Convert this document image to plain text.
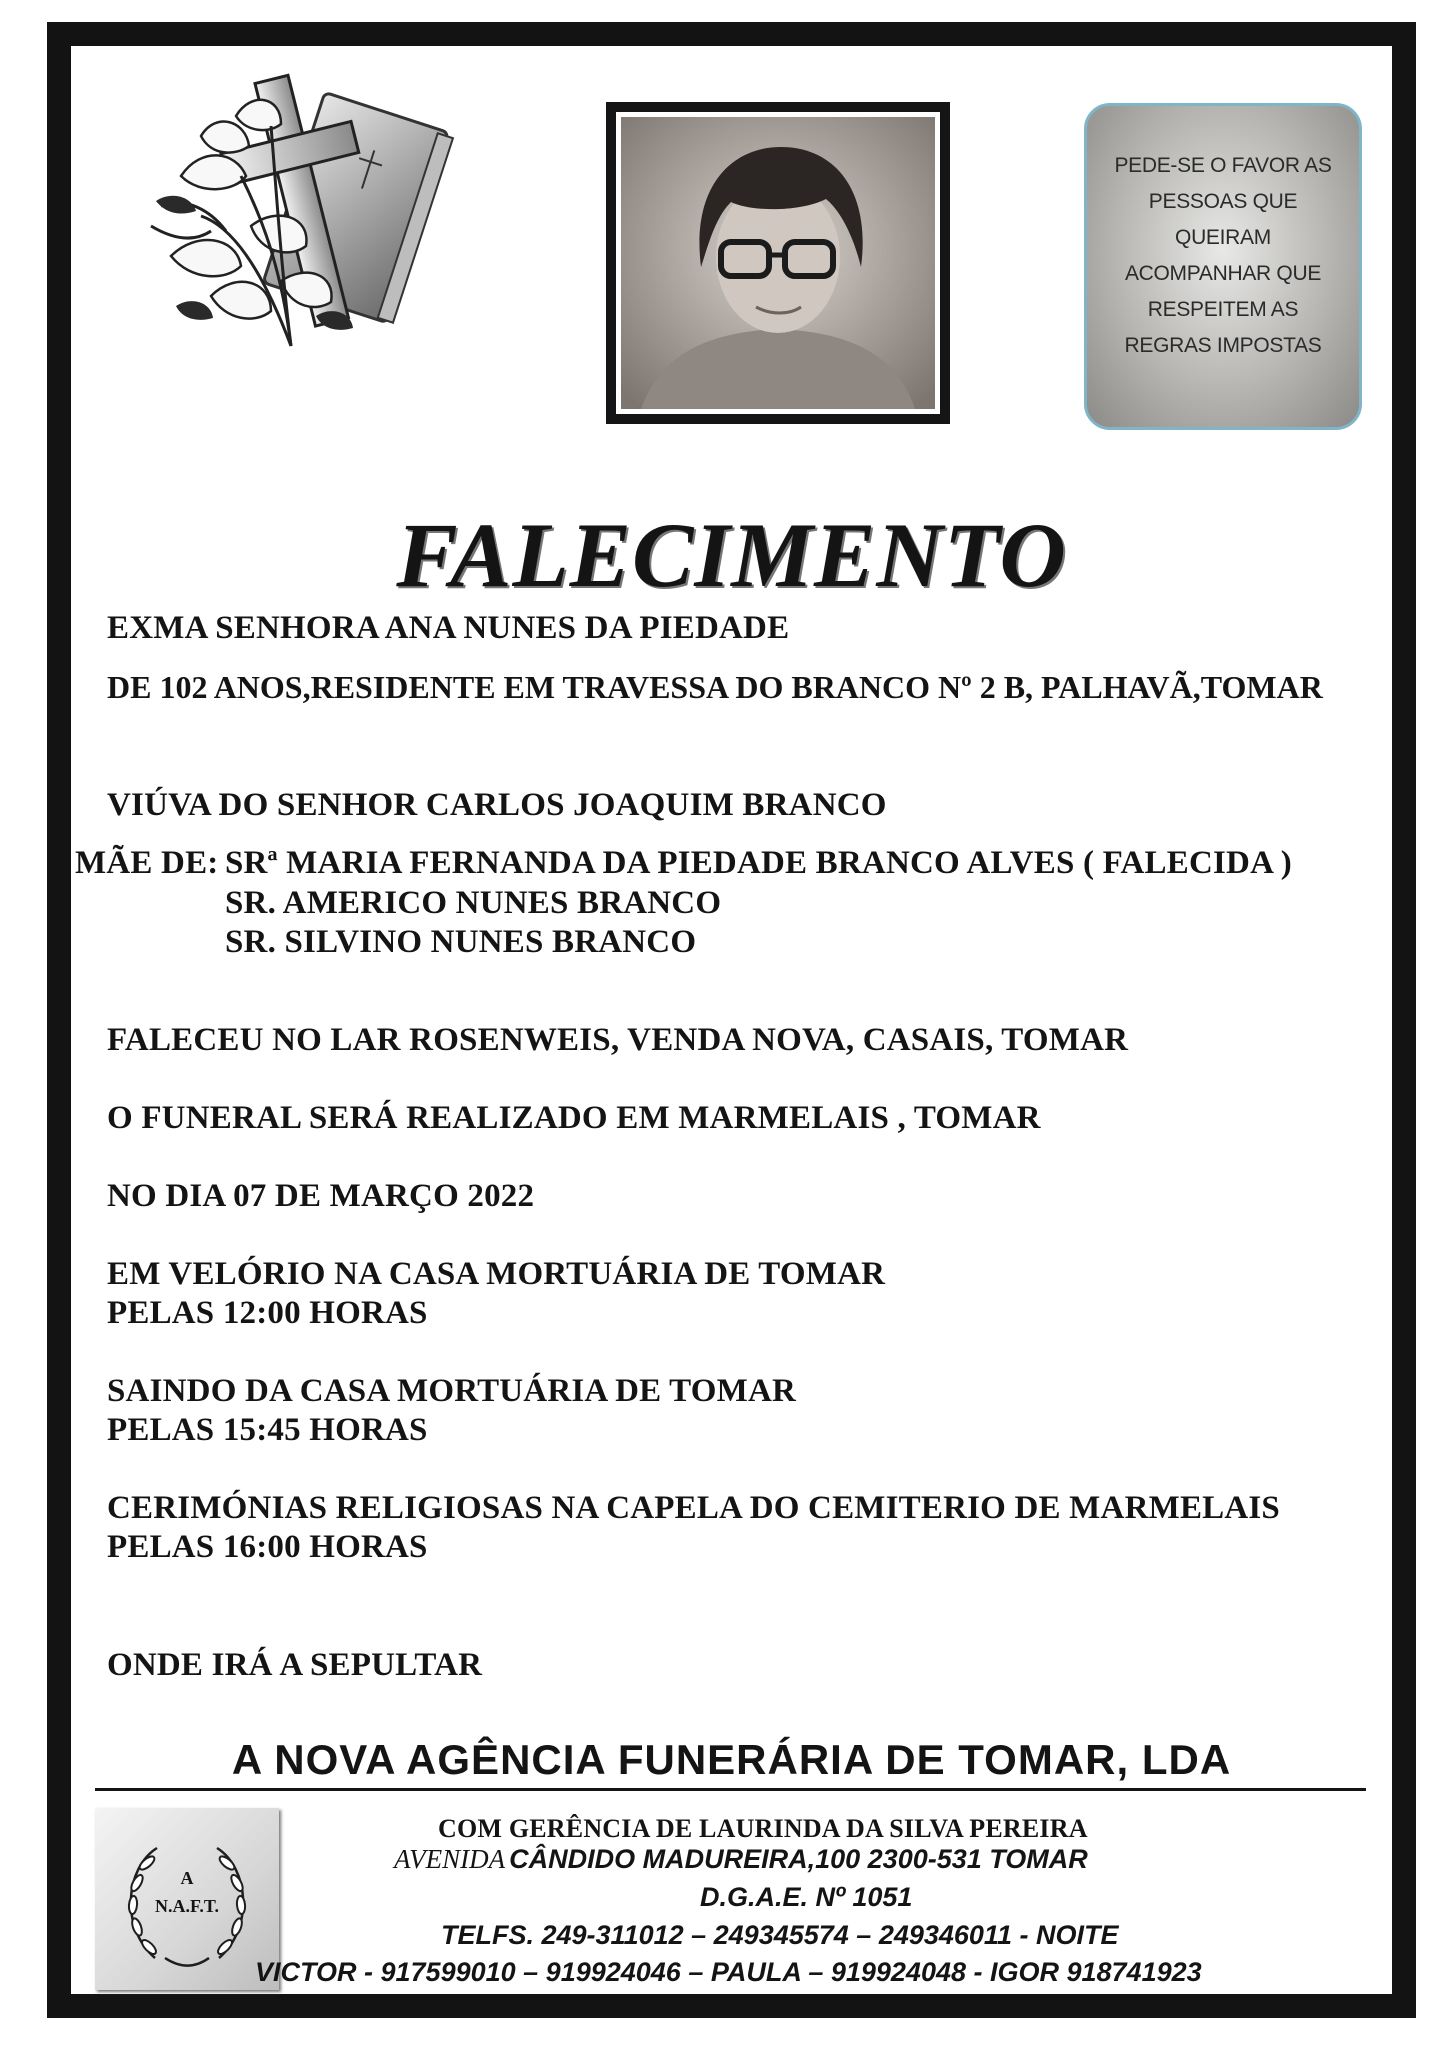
PEDE-SE O FAVOR AS
PESSOAS QUE
QUEIRAM
ACOMPANHAR QUE
RESPEITEM AS
REGRAS IMPOSTAS
FALECIMENTO
EXMA SENHORA ANA NUNES DA PIEDADE
DE 102 ANOS,RESIDENTE EM TRAVESSA DO BRANCO Nº 2 B, PALHAVÃ,TOMAR
VIÚVA DO SENHOR CARLOS JOAQUIM BRANCO
MÃE DE: SRª MARIA FERNANDA DA PIEDADE BRANCO ALVES ( FALECIDA )
SR. AMERICO NUNES BRANCO
SR. SILVINO NUNES BRANCO
FALECEU NO LAR ROSENWEIS, VENDA NOVA, CASAIS, TOMAR
O FUNERAL SERÁ REALIZADO EM MARMELAIS , TOMAR
NO DIA 07 DE MARÇO 2022
EM VELÓRIO NA CASA MORTUÁRIA DE TOMAR
PELAS 12:00 HORAS
SAINDO DA CASA MORTUÁRIA DE TOMAR
PELAS 15:45 HORAS
CERIMÓNIAS RELIGIOSAS NA CAPELA DO CEMITERIO DE MARMELAIS
PELAS 16:00 HORAS
ONDE IRÁ A SEPULTAR
A NOVA AGÊNCIA FUNERÁRIA DE TOMAR, LDA
A
N.A.F.T.
COM GERÊNCIA DE LAURINDA DA SILVA PEREIRA
AVENIDA CÂNDIDO MADUREIRA,100 2300-531 TOMAR
D.G.A.E. Nº 1051
TELFS. 249-311012 – 249345574 – 249346011 - NOITE
VICTOR - 917599010 – 919924046 – PAULA – 919924048 - IGOR 918741923
